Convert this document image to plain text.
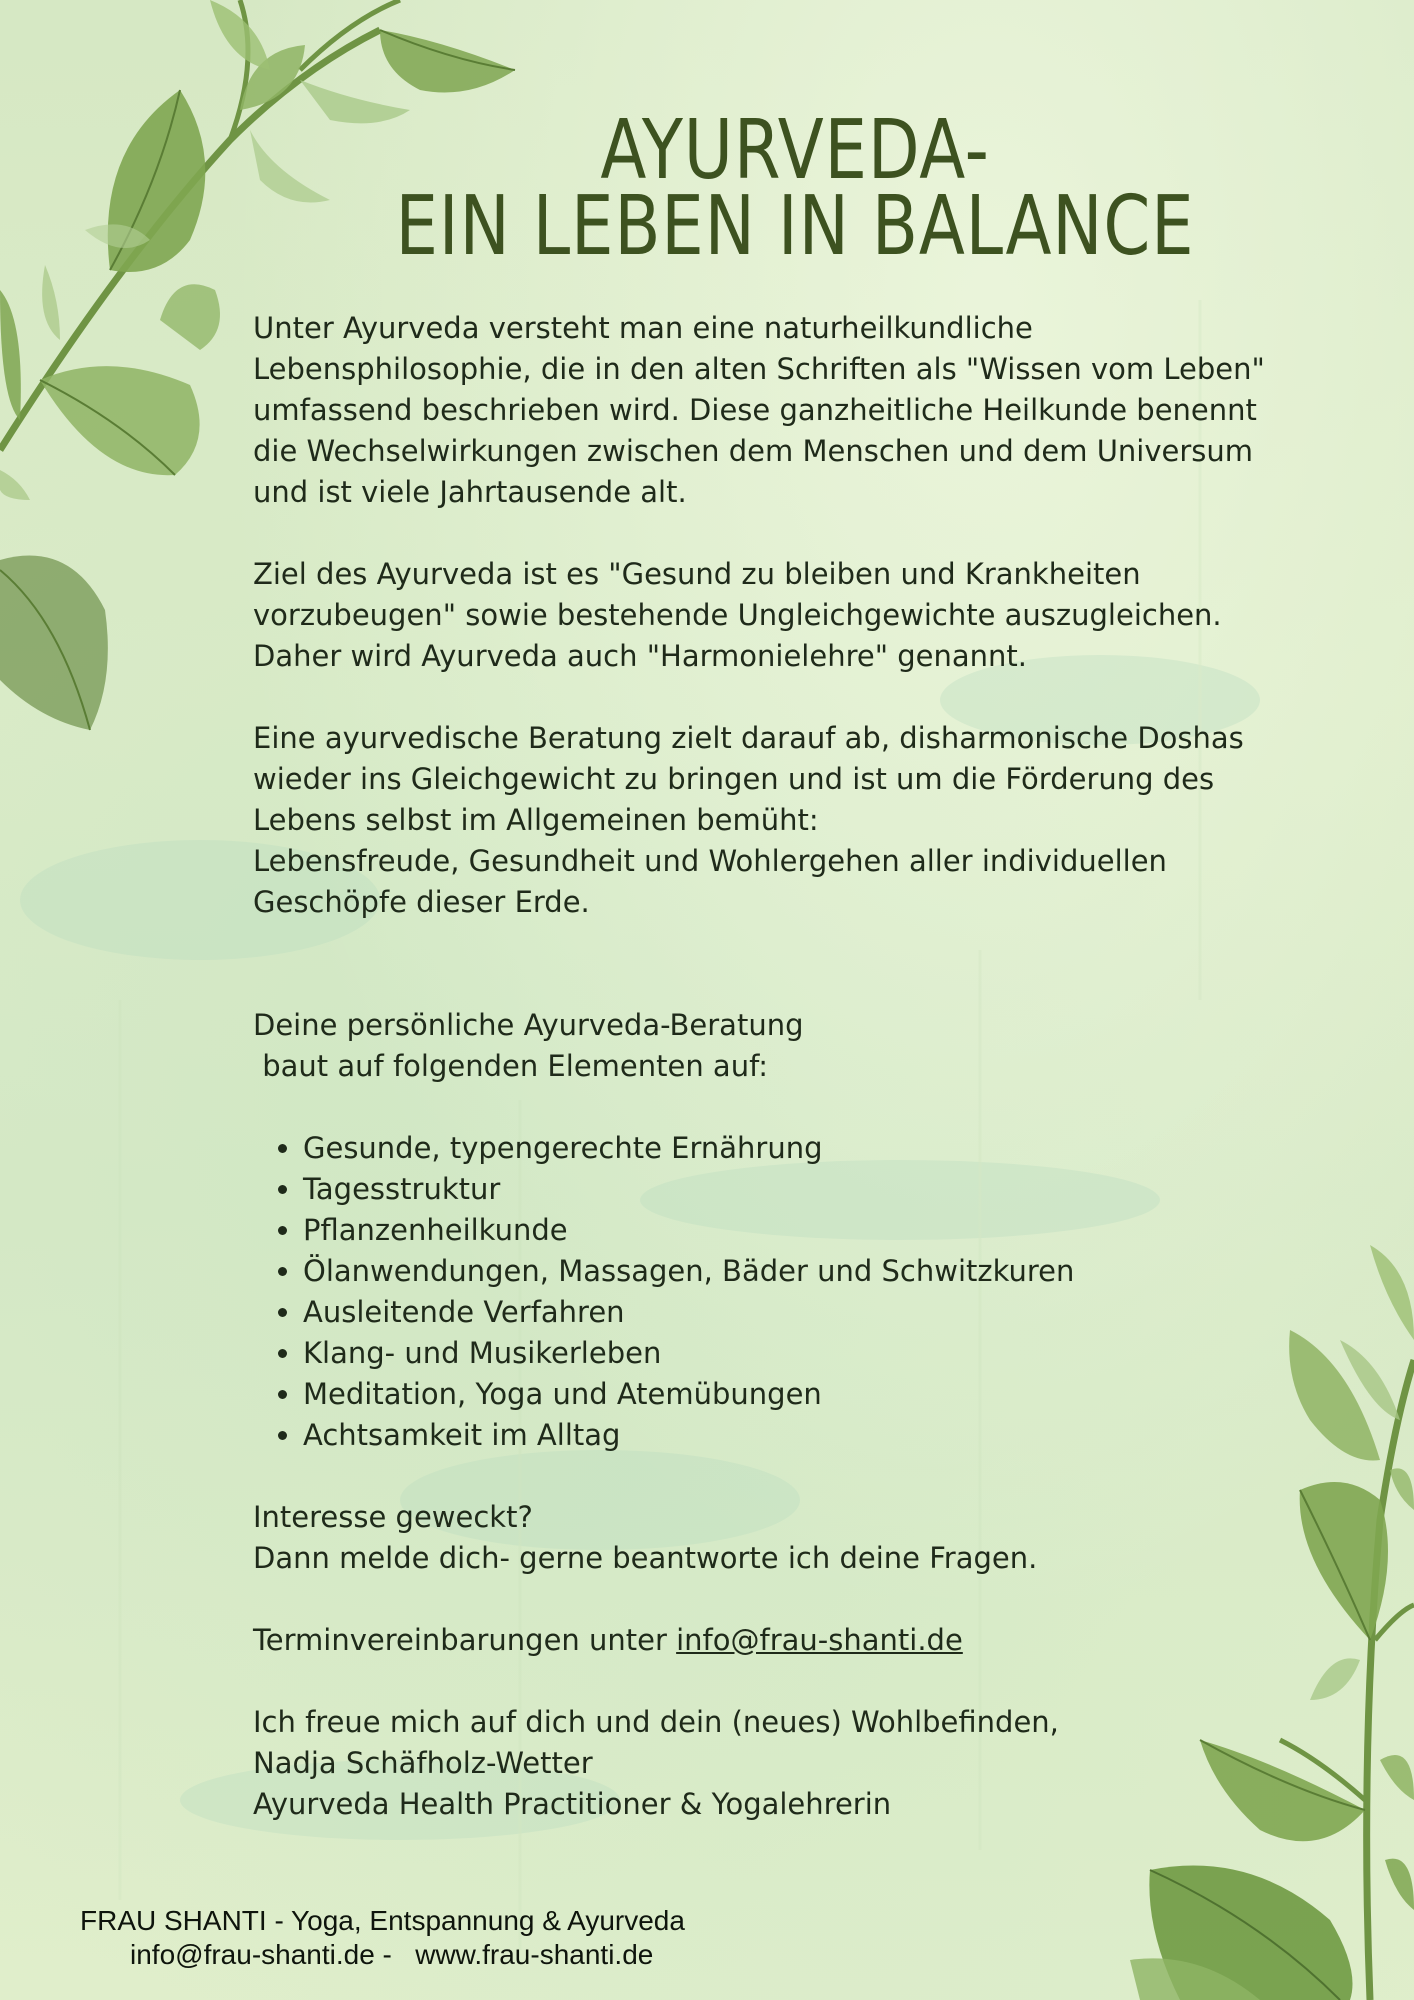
AYURVEDA-
EIN LEBEN IN BALANCE

Unter Ayurveda versteht man eine naturheilkundliche

Lebensphilosophie, die in den alten Schriften als "Wissen vom Leben"

umfassend beschrieben wird. Diese ganzheitliche Heilkunde benennt

die Wechselwirkungen zwischen dem Menschen und dem Universum

und ist viele Jahrtausende alt.

Ziel des Ayurveda ist es "Gesund zu bleiben und Krankheiten

vorzubeugen" sowie bestehende Ungleichgewichte auszugleichen.

Daher wird Ayurveda auch "Harmonielehre" genannt.

Eine ayurvedische Beratung zielt darauf ab, disharmonische Doshas

wieder ins Gleichgewicht zu bringen und ist um die Förderung des

Lebens selbst im Allgemeinen bemüht:

Lebensfreude, Gesundheit und Wohlergehen aller individuellen

Geschöpfe dieser Erde.

Deine persönliche Ayurveda-Beratung

baut auf folgenden Elementen auf:

• Gesunde, typengerechte Ernährung
• Tagesstruktur
• Pflanzenheilkunde
• Ölanwendungen, Massagen, Bäder und Schwitzkuren
• Ausleitende Verfahren
• Klang- und Musikerleben
• Meditation, Yoga und Atemübungen
• Achtsamkeit im Alltag

Interesse geweckt?

Dann melde dich- gerne beantworte ich deine Fragen.

Terminvereinbarungen unter info@frau-shanti.de

Ich freue mich auf dich und dein (neues) Wohlbefinden,

Nadja Schäfholz-Wetter

Ayurveda Health Practitioner & Yogalehrerin

FRAU SHANTI - Yoga, Entspannung & Ayurveda
info@frau-shanti.de -   www.frau-shanti.de
